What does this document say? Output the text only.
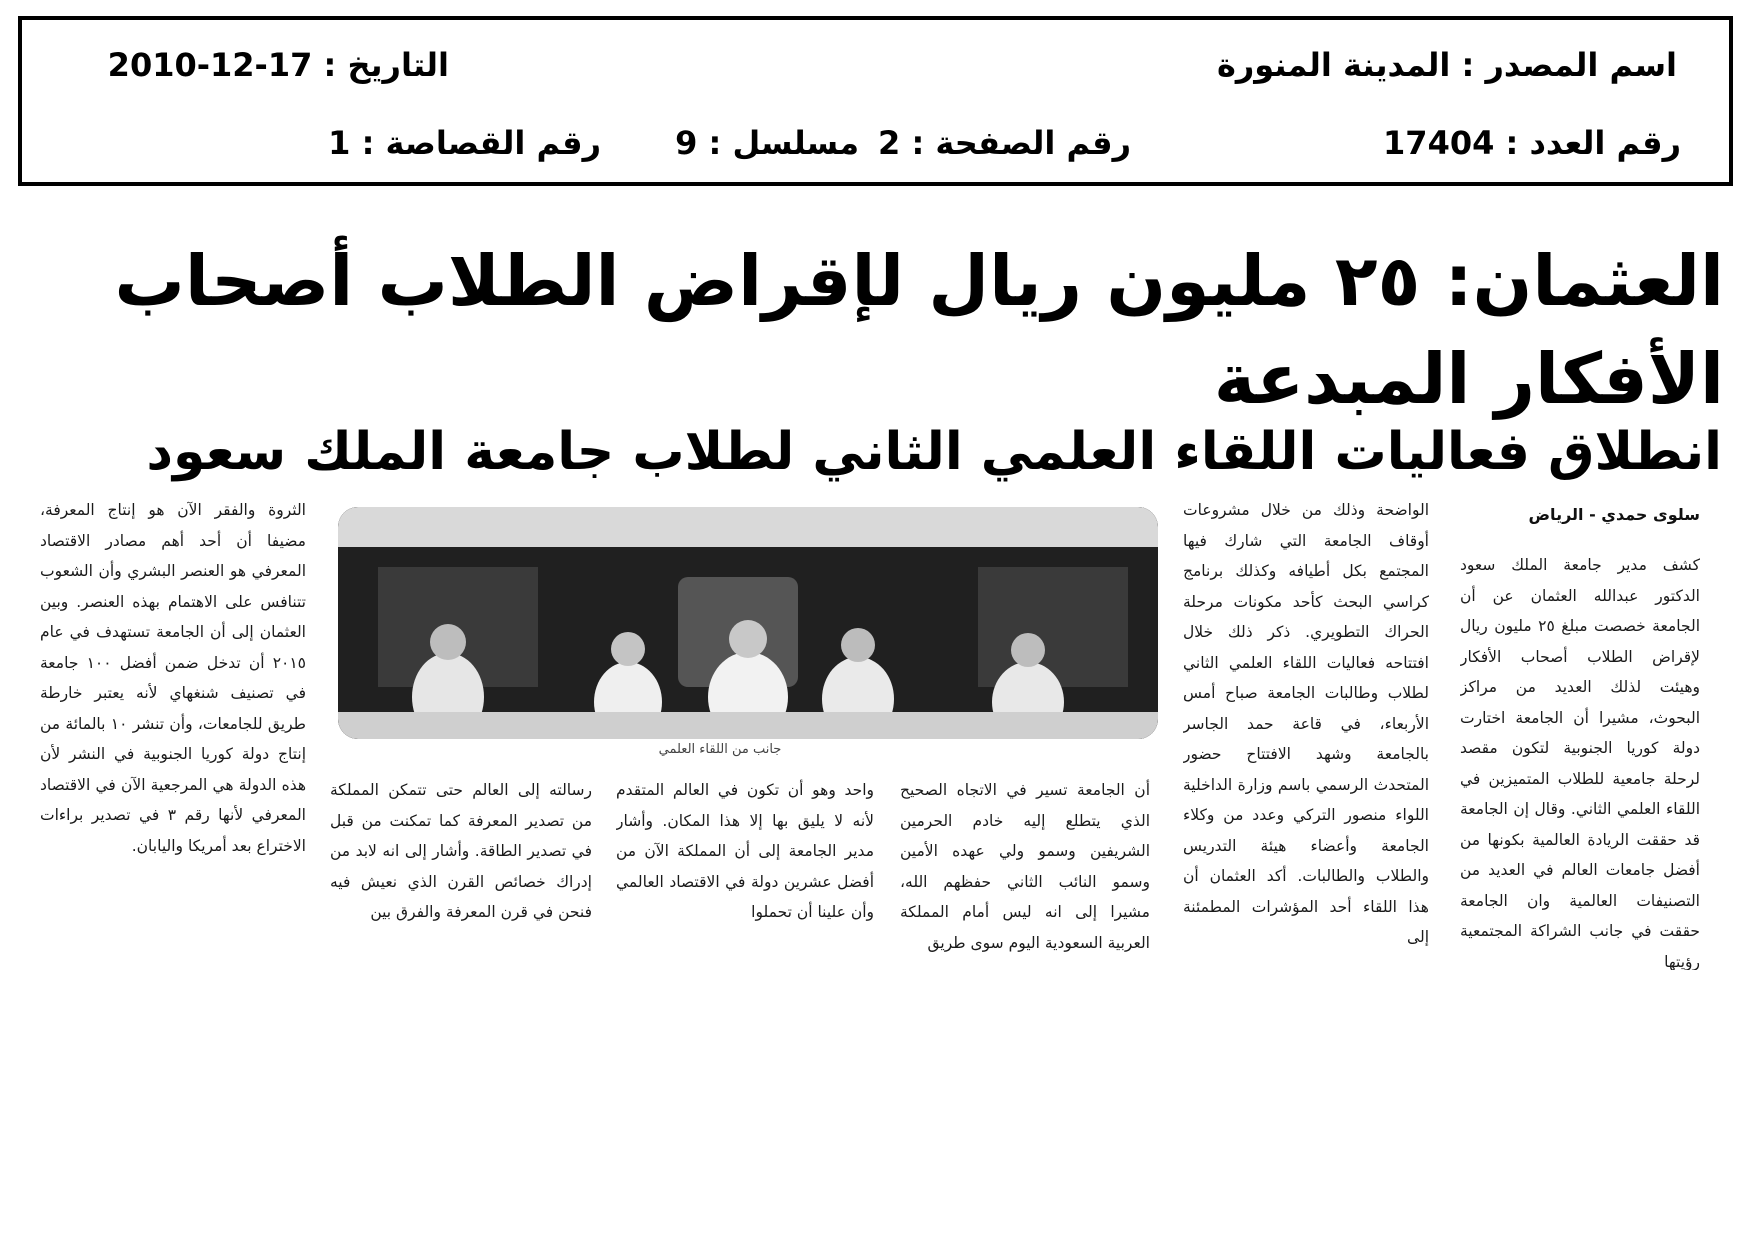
اسم المصدر : المدينة المنورة
التاريخ : 17-12-2010
رقم العدد : 17404
رقم الصفحة : 2
مسلسل : 9
رقم القصاصة : 1
العثمان: ٢٥ مليون ريال لإقراض الطلاب أصحاب
الأفكار المبدعة
انطلاق فعاليات اللقاء العلمي الثاني لطلاب جامعة الملك سعود
سلوى حمدي - الرياض
كشف مدير جامعة الملك سعود الدكتور عبدالله العثمان عن أن الجامعة خصصت مبلغ ٢٥ مليون ريال لإقراض الطلاب أصحاب الأفكار وهيئت لذلك العديد من مراكز البحوث، مشيرا أن الجامعة اختارت دولة كوريا الجنوبية لتكون مقصد لرحلة جامعية للطلاب المتميزين في اللقاء العلمي الثاني. وقال إن الجامعة قد حققت الريادة العالمية بكونها من أفضل جامعات العالم في العديد من التصنيفات العالمية وان الجامعة حققت في جانب الشراكة المجتمعية رؤيتها
الواضحة وذلك من خلال مشروعات أوقاف الجامعة التي شارك فيها المجتمع بكل أطيافه وكذلك برنامج كراسي البحث كأحد مكونات مرحلة الحراك التطويري. ذكر ذلك خلال افتتاحه فعاليات اللقاء العلمي الثاني لطلاب وطالبات الجامعة صباح أمس الأربعاء، في قاعة حمد الجاسر بالجامعة وشهد الافتتاح حضور المتحدث الرسمي باسم وزارة الداخلية اللواء منصور التركي وعدد من وكلاء الجامعة وأعضاء هيئة التدريس والطلاب والطالبات. أكد العثمان أن هذا اللقاء أحد المؤشرات المطمئنة إلى
جانب من اللقاء العلمي
أن الجامعة تسير في الاتجاه الصحيح الذي يتطلع إليه خادم الحرمين الشريفين وسمو ولي عهده الأمين وسمو النائب الثاني حفظهم الله، مشيرا إلى انه ليس أمام المملكة العربية السعودية اليوم سوى طريق
واحد وهو أن تكون في العالم المتقدم لأنه لا يليق بها إلا هذا المكان. وأشار مدير الجامعة إلى أن المملكة الآن من أفضل عشرين دولة في الاقتصاد العالمي وأن علينا أن تحملوا
رسالته إلى العالم حتى تتمكن المملكة من تصدير المعرفة كما تمكنت من قبل في تصدير الطاقة. وأشار إلى انه لابد من إدراك خصائص القرن الذي نعيش فيه فنحن في قرن المعرفة والفرق بين
الثروة والفقر الآن هو إنتاج المعرفة، مضيفا أن أحد أهم مصادر الاقتصاد المعرفي هو العنصر البشري وأن الشعوب تتنافس على الاهتمام بهذه العنصر. وبين العثمان إلى أن الجامعة تستهدف في عام ٢٠١٥ أن تدخل ضمن أفضل ١٠٠ جامعة في تصنيف شنغهاي لأنه يعتبر خارطة طريق للجامعات، وأن تنشر ١٠ بالمائة من إنتاج دولة كوريا الجنوبية في النشر لأن هذه الدولة هي المرجعية الآن في الاقتصاد المعرفي لأنها رقم ٣ في تصدير براءات الاختراع بعد أمريكا واليابان.
